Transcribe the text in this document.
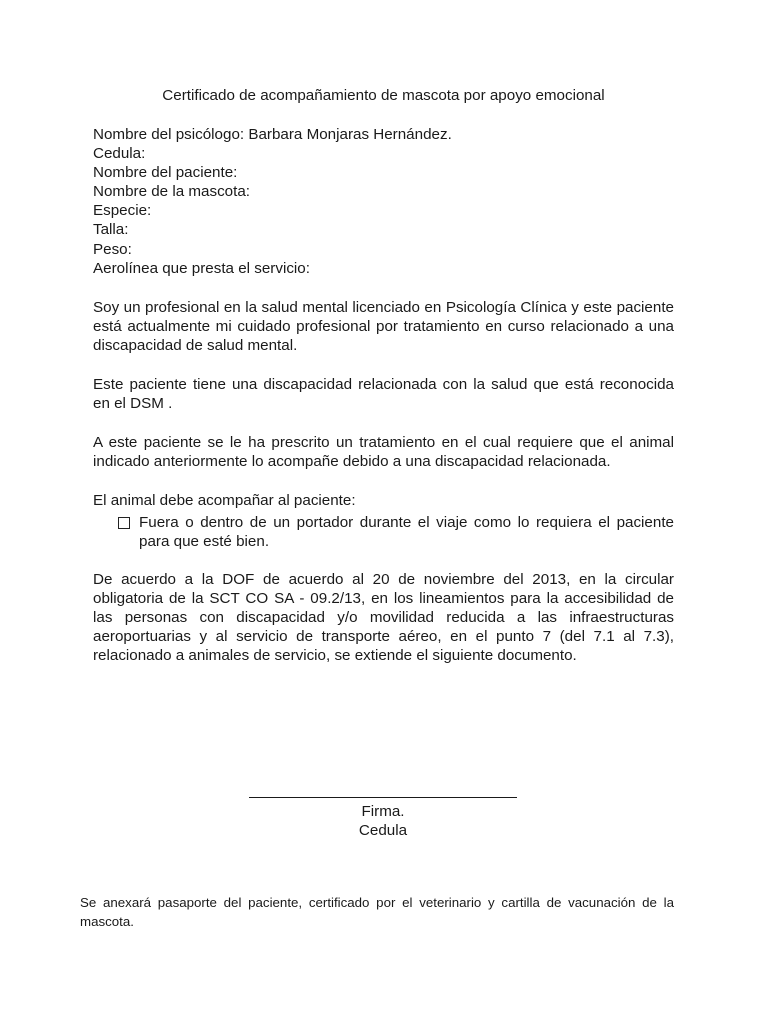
Certificado de acompañamiento de mascota por apoyo emocional
Nombre del psicólogo: Barbara Monjaras Hernández.
Cedula:
Nombre del paciente:
Nombre de la mascota:
Especie:
Talla:
Peso:
Aerolínea que presta el servicio:
Soy un profesional en la salud mental licenciado en Psicología Clínica y este paciente está actualmente mi cuidado profesional por tratamiento en curso relacionado a una discapacidad de salud mental.
Este paciente tiene una discapacidad relacionada con la salud que está reconocida en el DSM .
A este paciente se le ha prescrito un tratamiento en el cual requiere que el animal indicado anteriormente lo acompañe debido a una discapacidad relacionada.
El animal debe acompañar al paciente:
Fuera o dentro de un portador durante el viaje como lo requiera el paciente para que esté bien.
De acuerdo a la DOF de acuerdo al 20 de noviembre del 2013, en la circular obligatoria de la SCT CO SA - 09.2/13, en los lineamientos para la accesibilidad de las personas con discapacidad y/o movilidad reducida a las infraestructuras aeroportuarias y al servicio de transporte aéreo, en el punto 7 (del 7.1 al 7.3), relacionado a animales de servicio, se extiende el siguiente documento.
Firma.
Cedula
Se anexará pasaporte del paciente, certificado por el veterinario y cartilla de vacunación de la mascota.
